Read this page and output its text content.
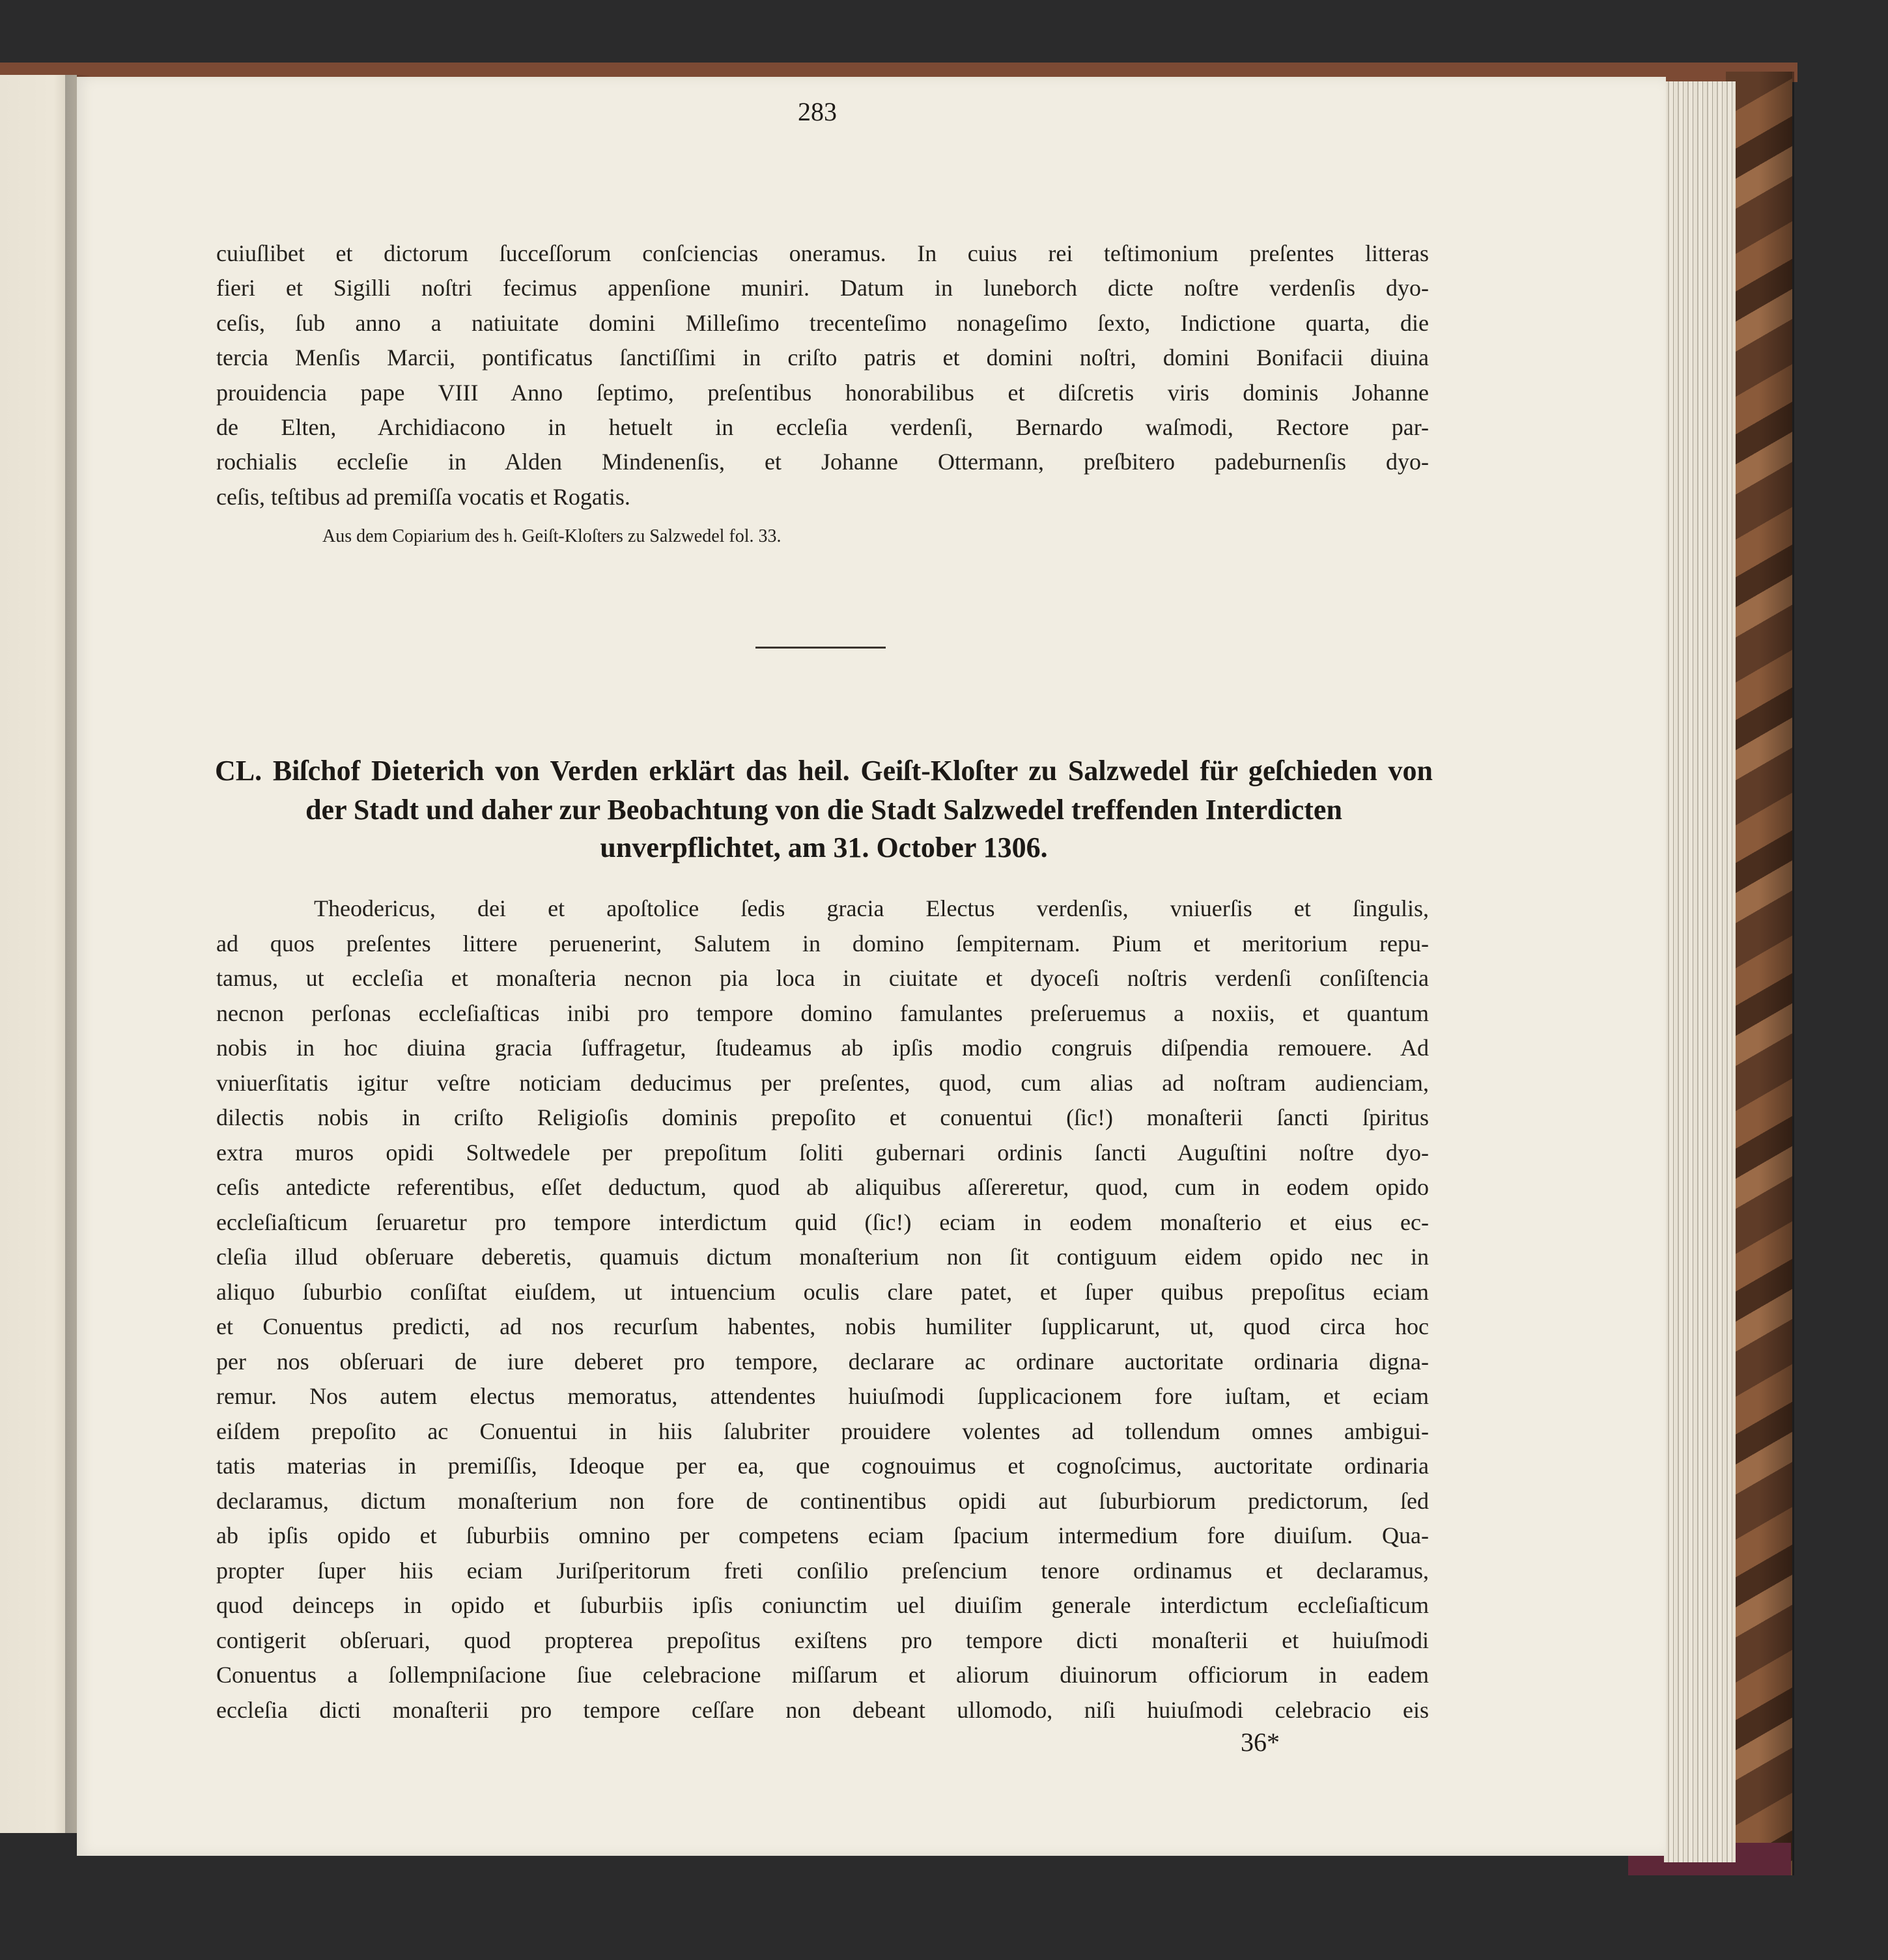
283
cuiuſlibet et dictorum ſucceſſorum conſciencias oneramus. In cuius rei teſtimonium preſentes litteras
fieri et Sigilli noſtri fecimus appenſione muniri. Datum in luneborch dicte noſtre verdenſis dyo-
ceſis, ſub anno a natiuitate domini Milleſimo trecenteſimo nonageſimo ſexto, Indictione quarta, die
tercia Menſis Marcii, pontificatus ſanctiſſimi in criſto patris et domini noſtri, domini Bonifacii diuina
prouidencia pape VIII Anno ſeptimo, preſentibus honorabilibus et diſcretis viris dominis Johanne
de Elten, Archidiacono in hetuelt in eccleſia verdenſi, Bernardo waſmodi, Rectore par-
rochialis eccleſie in Alden Mindenenſis, et Johanne Ottermann, preſbitero padeburnenſis dyo-
ceſis, teſtibus ad premiſſa vocatis et Rogatis.
Aus dem Copiarium des h. Geiſt-Kloſters zu Salzwedel fol. 33.
CL. Biſchof Dieterich von Verden erklärt das heil. Geiſt-Kloſter zu Salzwedel für geſchieden von
der Stadt und daher zur Beobachtung von die Stadt Salzwedel treffenden Interdicten
unverpflichtet, am 31. October 1306.
Theodericus, dei et apoſtolice ſedis gracia Electus verdenſis, vniuerſis et ſingulis,
ad quos preſentes littere peruenerint, Salutem in domino ſempiternam. Pium et meritorium repu-
tamus, ut eccleſia et monaſteria necnon pia loca in ciuitate et dyoceſi noſtris verdenſi conſiſtencia
necnon perſonas eccleſiaſticas inibi pro tempore domino famulantes preſeruemus a noxiis, et quantum
nobis in hoc diuina gracia ſuffragetur, ſtudeamus ab ipſis modio congruis diſpendia remouere. Ad
vniuerſitatis igitur veſtre noticiam deducimus per preſentes, quod, cum alias ad noſtram audienciam,
dilectis nobis in criſto Religioſis dominis prepoſito et conuentui (ſic!) monaſterii ſancti ſpiritus
extra muros opidi Soltwedele per prepoſitum ſoliti gubernari ordinis ſancti Auguſtini noſtre dyo-
ceſis antedicte referentibus, eſſet deductum, quod ab aliquibus aſſereretur, quod, cum in eodem opido
eccleſiaſticum ſeruaretur pro tempore interdictum quid (ſic!) eciam in eodem monaſterio et eius ec-
cleſia illud obſeruare deberetis, quamuis dictum monaſterium non ſit contiguum eidem opido nec in
aliquo ſuburbio conſiſtat eiuſdem, ut intuencium oculis clare patet, et ſuper quibus prepoſitus eciam
et Conuentus predicti, ad nos recurſum habentes, nobis humiliter ſupplicarunt, ut, quod circa hoc
per nos obſeruari de iure deberet pro tempore, declarare ac ordinare auctoritate ordinaria digna-
remur. Nos autem electus memoratus, attendentes huiuſmodi ſupplicacionem fore iuſtam, et eciam
eiſdem prepoſito ac Conuentui in hiis ſalubriter prouidere volentes ad tollendum omnes ambigui-
tatis materias in premiſſis, Ideoque per ea, que cognouimus et cognoſcimus, auctoritate ordinaria
declaramus, dictum monaſterium non fore de continentibus opidi aut ſuburbiorum predictorum, ſed
ab ipſis opido et ſuburbiis omnino per competens eciam ſpacium intermedium fore diuiſum. Qua-
propter ſuper hiis eciam Juriſperitorum freti conſilio preſencium tenore ordinamus et declaramus,
quod deinceps in opido et ſuburbiis ipſis coniunctim uel diuiſim generale interdictum eccleſiaſticum
contigerit obſeruari, quod propterea prepoſitus exiſtens pro tempore dicti monaſterii et huiuſmodi
Conuentus a ſollempniſacione ſiue celebracione miſſarum et aliorum diuinorum officiorum in eadem
eccleſia dicti monaſterii pro tempore ceſſare non debeant ullomodo, niſi huiuſmodi celebracio eis
36*
